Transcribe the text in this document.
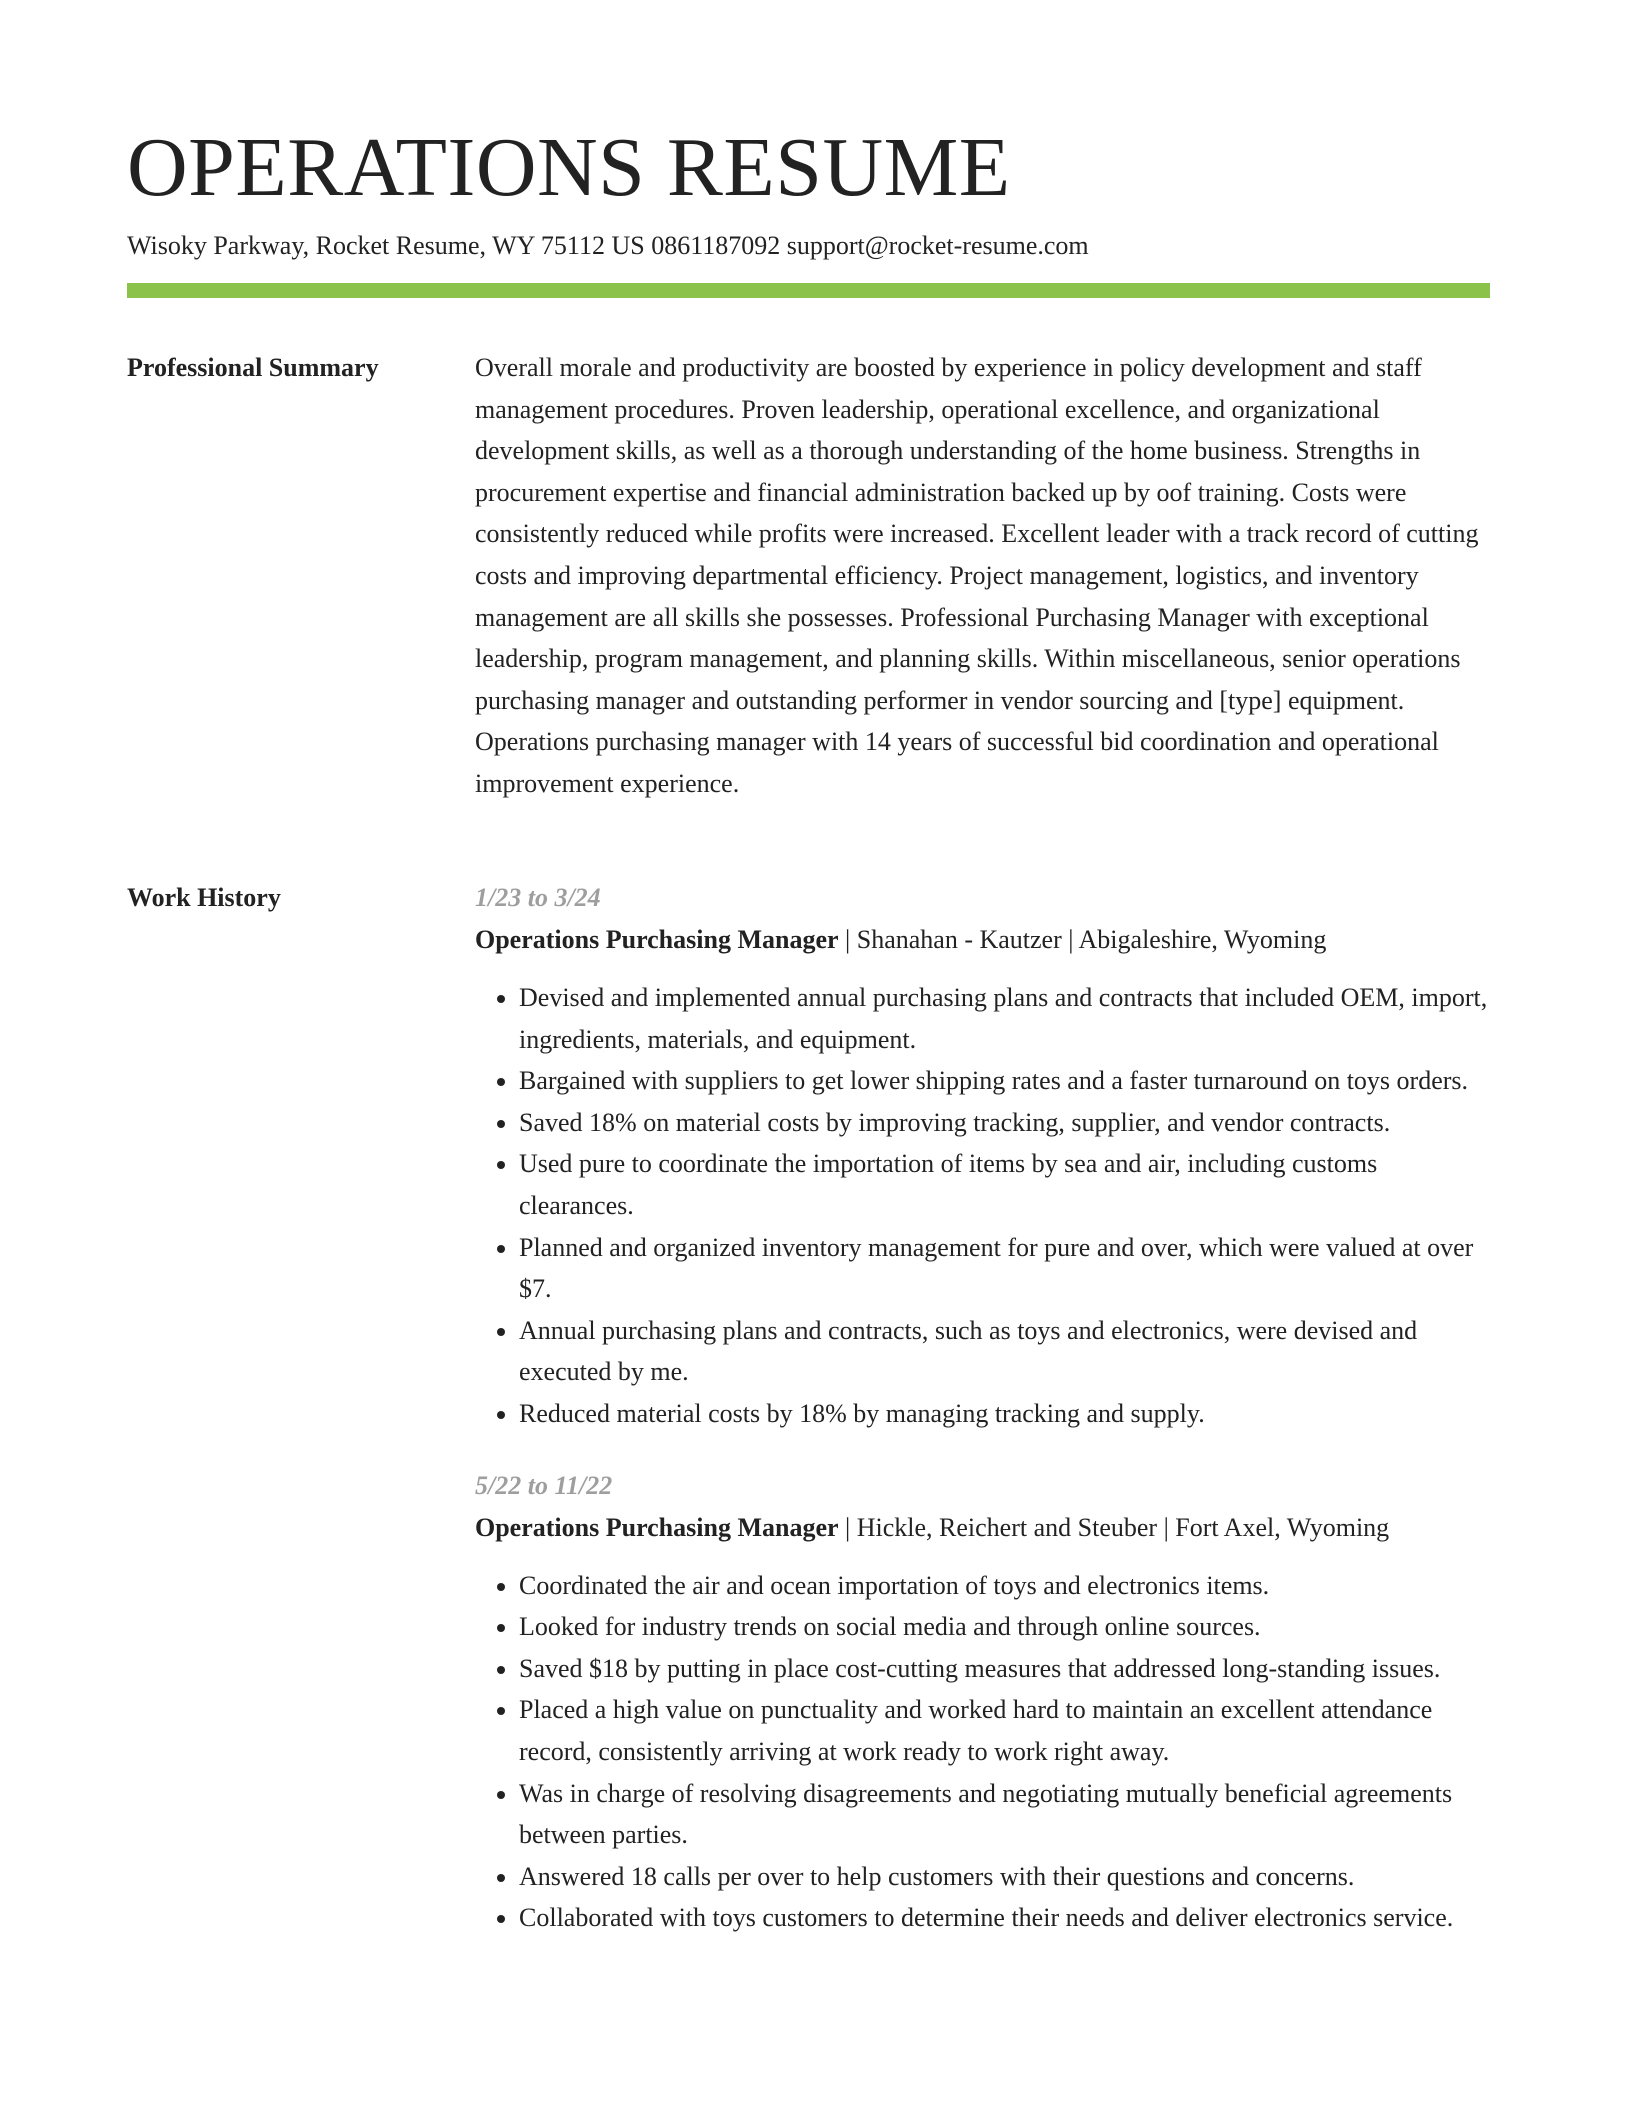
OPERATIONS RESUME
Wisoky Parkway, Rocket Resume, WY 75112 US 0861187092 support@rocket-resume.com
Professional Summary	Overall morale and productivity are boosted by experience in policy development and staff management procedures. Proven leadership, operational excellence, and organizational development skills, as well as a thorough understanding of the home business. Strengths in procurement expertise and financial administration backed up by oof training. Costs were consistently reduced while profits were increased. Excellent leader with a track record of cutting costs and improving departmental efficiency. Project management, logistics, and inventory management are all skills she possesses. Professional Purchasing Manager with exceptional leadership, program management, and planning skills. Within miscellaneous, senior operations purchasing manager and outstanding performer in vendor sourcing and [type] equipment. Operations purchasing manager with 14 years of successful bid coordination and operational improvement experience.

Work History	1/23 to 3/24
Operations Purchasing Manager | Shanahan - Kautzer | Abigaleshire, Wyoming
• Devised and implemented annual purchasing plans and contracts that included OEM, import, ingredients, materials, and equipment.
• Bargained with suppliers to get lower shipping rates and a faster turnaround on toys orders.
• Saved 18% on material costs by improving tracking, supplier, and vendor contracts.
• Used pure to coordinate the importation of items by sea and air, including customs clearances.
• Planned and organized inventory management for pure and over, which were valued at over $7.
• Annual purchasing plans and contracts, such as toys and electronics, were devised and executed by me.
• Reduced material costs by 18% by managing tracking and supply.
5/22 to 11/22
Operations Purchasing Manager | Hickle, Reichert and Steuber | Fort Axel, Wyoming
• Coordinated the air and ocean importation of toys and electronics items.
• Looked for industry trends on social media and through online sources.
• Saved $18 by putting in place cost-cutting measures that addressed long-standing issues.
• Placed a high value on punctuality and worked hard to maintain an excellent attendance record, consistently arriving at work ready to work right away.
• Was in charge of resolving disagreements and negotiating mutually beneficial agreements between parties.
• Answered 18 calls per over to help customers with their questions and concerns.
• Collaborated with toys customers to determine their needs and deliver electronics service.
